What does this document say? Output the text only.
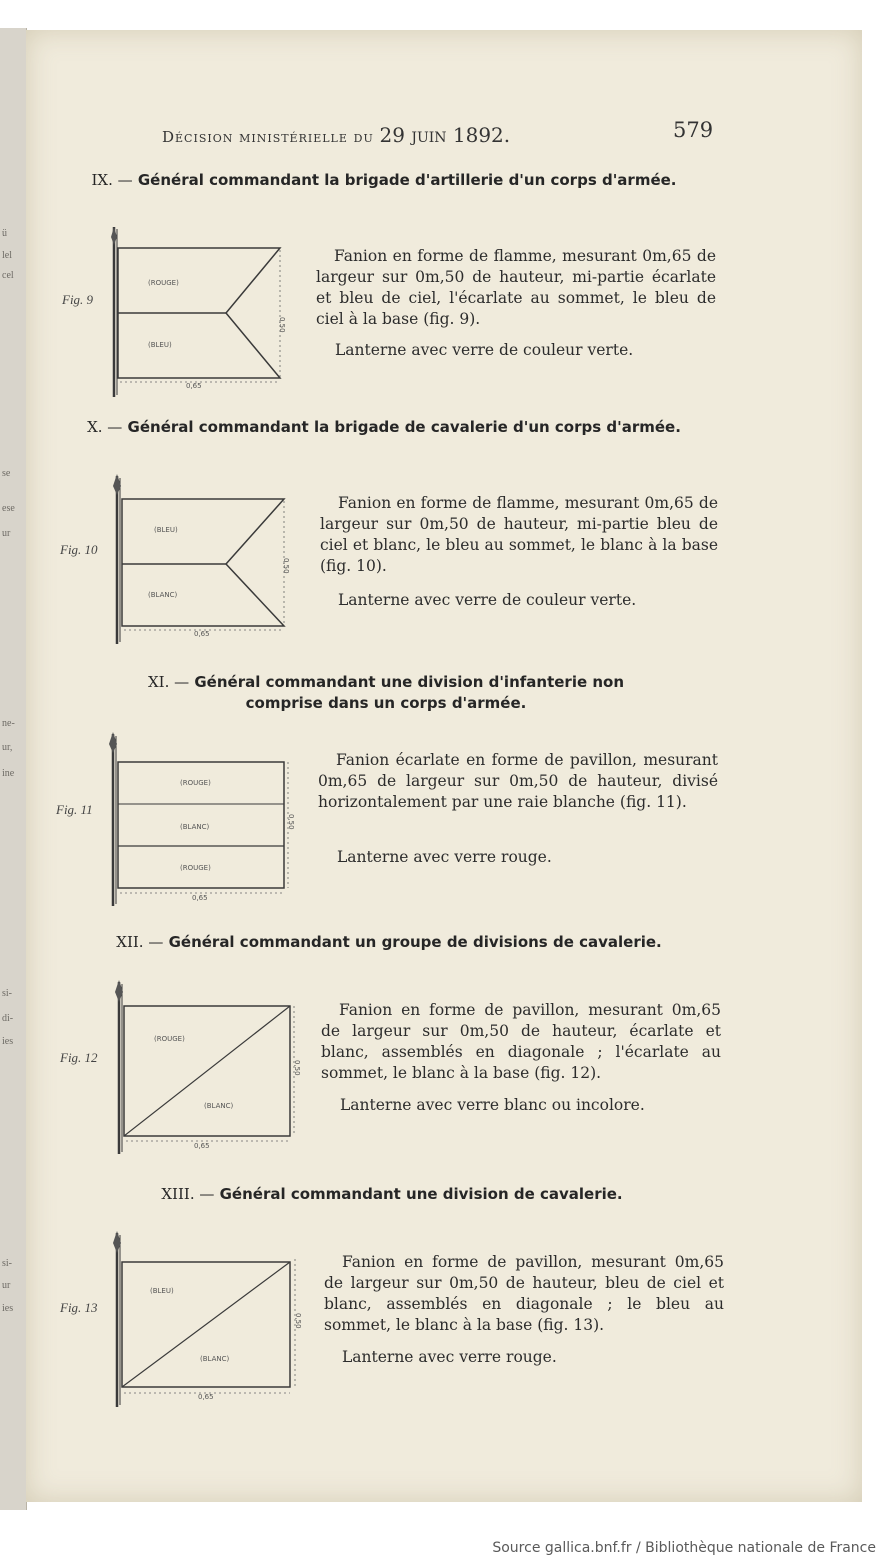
ü
lel
cel
se
ese
ur
ne-
ur,
ine
si-
di-
ies
si-
ur
ies
Décision ministérielle du 29 juin 1892.	579
IX. — Général commandant la brigade d'artillerie d'un corps d'armée.
Fig. 9
(ROUGE)
(BLEU)
0,65
0,50
Fanion en forme de flamme, mesurant 0m,65 de largeur sur 0m,50 de hauteur, mi-partie écarlate et bleu de ciel, l'écarlate au sommet, le bleu de ciel à la base (fig. 9).
Lanterne avec verre de couleur verte.
X. — Général commandant la brigade de cavalerie d'un corps d'armée.
Fig. 10
(BLEU)
(BLANC)
0,65
0,50
Fanion en forme de flamme, mesurant 0m,65 de largeur sur 0m,50 de hauteur, mi-partie bleu de ciel et blanc, le bleu au sommet, le blanc à la base (fig. 10).
Lanterne avec verre de couleur verte.
XI. — Général commandant une division d'infanterie non comprise dans un corps d'armée.
Fig. 11
(ROUGE)
(BLANC)
(ROUGE)
0,65
0,50
Fanion écarlate en forme de pavillon, mesurant 0m,65 de largeur sur 0m,50 de hauteur, divisé horizontalement par une raie blanche (fig. 11).
Lanterne avec verre rouge.
XII. — Général commandant un groupe de divisions de cavalerie.
Fig. 12
(ROUGE)
(BLANC)
0,65
0,50
Fanion en forme de pavillon, mesurant 0m,65 de largeur sur 0m,50 de hauteur, écarlate et blanc, assemblés en diagonale ; l'écarlate au sommet, le blanc à la base (fig. 12).
Lanterne avec verre blanc ou incolore.
XIII. — Général commandant une division de cavalerie.
Fig. 13
(BLEU)
(BLANC)
0,65
0,50
Fanion en forme de pavillon, mesurant 0m,65 de largeur sur 0m,50 de hauteur, bleu de ciel et blanc, assemblés en diagonale ; le bleu au sommet, le blanc à la base (fig. 13).
Lanterne avec verre rouge.
Source gallica.bnf.fr / Bibliothèque nationale de France
